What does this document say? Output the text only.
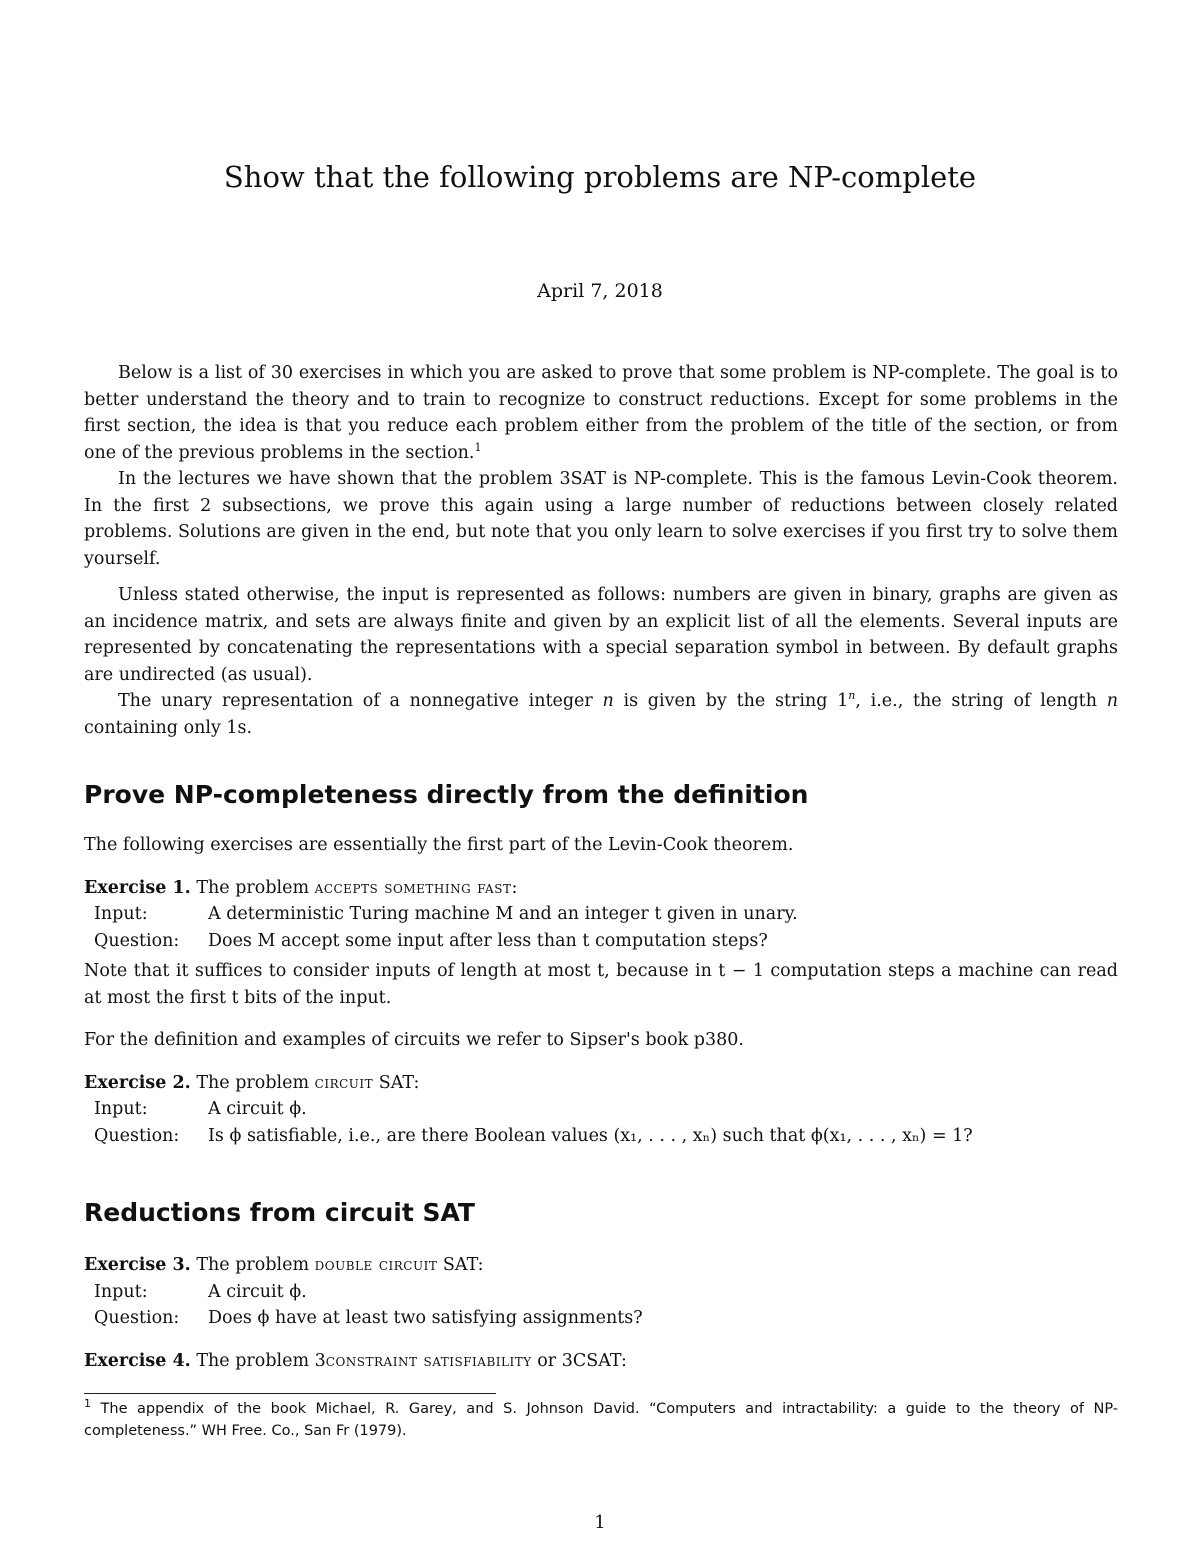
Show that the following problems are NP-complete
April 7, 2018

Below is a list of 30 exercises in which you are asked to prove that some problem is NP-complete. The goal is to better understand the theory and to train to recognize to construct reductions. Except for some problems in the first section, the idea is that you reduce each problem either from the problem of the title of the section, or from one of the previous problems in the section.$^1$

In the lectures we have shown that the problem 3SAT is NP-complete. This is the famous Levin-Cook theorem. In the first 2 subsections, we prove this again using a large number of reductions between closely related problems. Solutions are given in the end, but note that you only learn to solve exercises if you first try to solve them yourself.

Unless stated otherwise, the input is represented as follows: numbers are given in binary, graphs are given as an incidence matrix, and sets are always finite and given by an explicit list of all the elements. Several inputs are represented by concatenating the representations with a special separation symbol in between. By default graphs are undirected (as usual).

The unary representation of a nonnegative integer n is given by the string 1$^n$, i.e., the string of length n containing only 1s.

Prove NP-completeness directly from the definition

The following exercises are essentially the first part of the Levin-Cook theorem.

Exercise 1. The problem accepts something fast:

Input:	A deterministic Turing machine M and an integer t given in unary.
Question:	Does M accept some input after less than t computation steps?

Note that it suffices to consider inputs of length at most t, because in t − 1 computation steps a machine can read at most the first t bits of the input.

For the definition and examples of circuits we refer to Sipser's book p380.

Exercise 2. The problem circuit SAT:

Input:	A circuit ϕ.
Question:	Is ϕ satisfiable, i.e., are there Boolean values (x₁, . . . , xₙ) such that ϕ(x₁, . . . , xₙ) = 1?
Reductions from circuit SAT

Exercise 3. The problem double circuit SAT:

Input:	A circuit ϕ.
Question:	Does ϕ have at least two satisfying assignments?

Exercise 4. The problem 3constraint satisfiability or 3CSAT:

$^1$ The appendix of the book Michael, R. Garey, and S. Johnson David. “Computers and intractability: a guide to the theory of NP-completeness.” WH Free. Co., San Fr (1979).
1
